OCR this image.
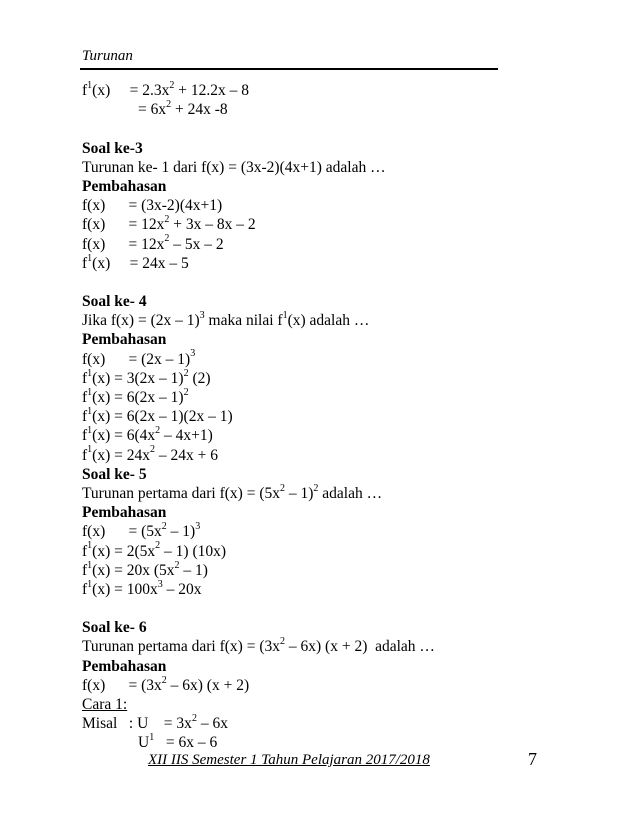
Turunan
$f^1(x)$     = $2.3x^2 + 12.2x - 8$
= $6x^2 + 24x$ -8
Soal ke-3
Turunan ke- 1 dari f(x) = (3x-2)(4x+1) adalah …
Pembahasan
f(x)      = (3x-2)(4x+1)
f(x)      = $12x^2 + 3x - 8x - 2$
f(x)      = $12x^2 - 5x - 2$
$f^1(x)$     = 24x – 5
Soal ke- 4
Jika f(x) = (2x – 1)$^3$ maka nilai $f^1(x)$ adalah …
Pembahasan
f(x)      = (2x – 1)$^3$
$f^1(x) = 3(2x - 1)^2$ (2)
$f^1(x) = 6(2x - 1)^2$
$f^1(x) = 6(2x - 1)(2x - 1)$
$f^1(x) = 6(4x^2 - 4x+1)$
$f^1(x) = 24x^2 - 24x + 6$
Soal ke- 5
Turunan pertama dari $f(x) = (5x^2 - 1)^2$ adalah …
Pembahasan
f(x)      = $(5x^2 - 1)^3$
$f^1(x) = 2(5x^2 - 1)$ (10x)
$f^1(x) = 20x$ $(5x^2 - 1)$
$f^1(x) = 100x^3 - 20x$
Soal ke- 6
Turunan pertama dari $f(x) = (3x^2 - 6x) (x + 2)$  adalah …
Pembahasan
f(x)      = $(3x^2 - 6x) (x + 2)$
Cara 1:
Misal   : U    = $3x^2 - 6x$
$U^1 = 6x - 6$
XII IIS Semester 1 Tahun Pelajaran 2017/2018	7
